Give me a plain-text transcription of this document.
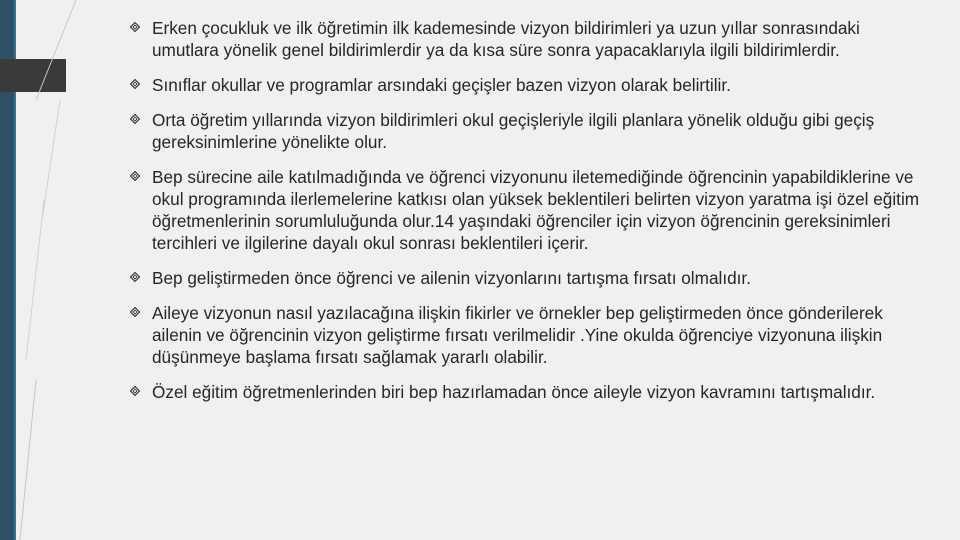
Erken çocukluk ve ilk öğretimin ilk kademesinde vizyon bildirimleri ya uzun yıllar sonrasındaki umutlara yönelik genel bildirimlerdir ya da kısa süre sonra yapacaklarıyla ilgili bildirimlerdir.
Sınıflar okullar ve programlar arsındaki geçişler bazen vizyon olarak belirtilir.
Orta öğretim yıllarında vizyon bildirimleri okul geçişleriyle ilgili planlara yönelik olduğu gibi geçiş gereksinimlerine yönelikte olur.
Bep sürecine aile katılmadığında ve öğrenci vizyonunu iletemediğinde öğrencinin yapabildiklerine ve okul programında ilerlemelerine katkısı olan yüksek beklentileri belirten vizyon yaratma işi özel eğitim öğretmenlerinin sorumluluğunda olur.14 yaşındaki öğrenciler için vizyon öğrencinin gereksinimleri tercihleri ve ilgilerine dayalı okul sonrası beklentileri içerir.
Bep geliştirmeden önce öğrenci ve ailenin vizyonlarını tartışma fırsatı olmalıdır.
Aileye vizyonun nasıl yazılacağına ilişkin fikirler ve örnekler bep geliştirmeden önce gönderilerek ailenin ve öğrencinin vizyon geliştirme fırsatı verilmelidir .Yine okulda öğrenciye vizyonuna ilişkin düşünmeye başlama fırsatı sağlamak yararlı olabilir.
Özel eğitim öğretmenlerinden biri bep hazırlamadan önce aileyle vizyon kavramını tartışmalıdır.
